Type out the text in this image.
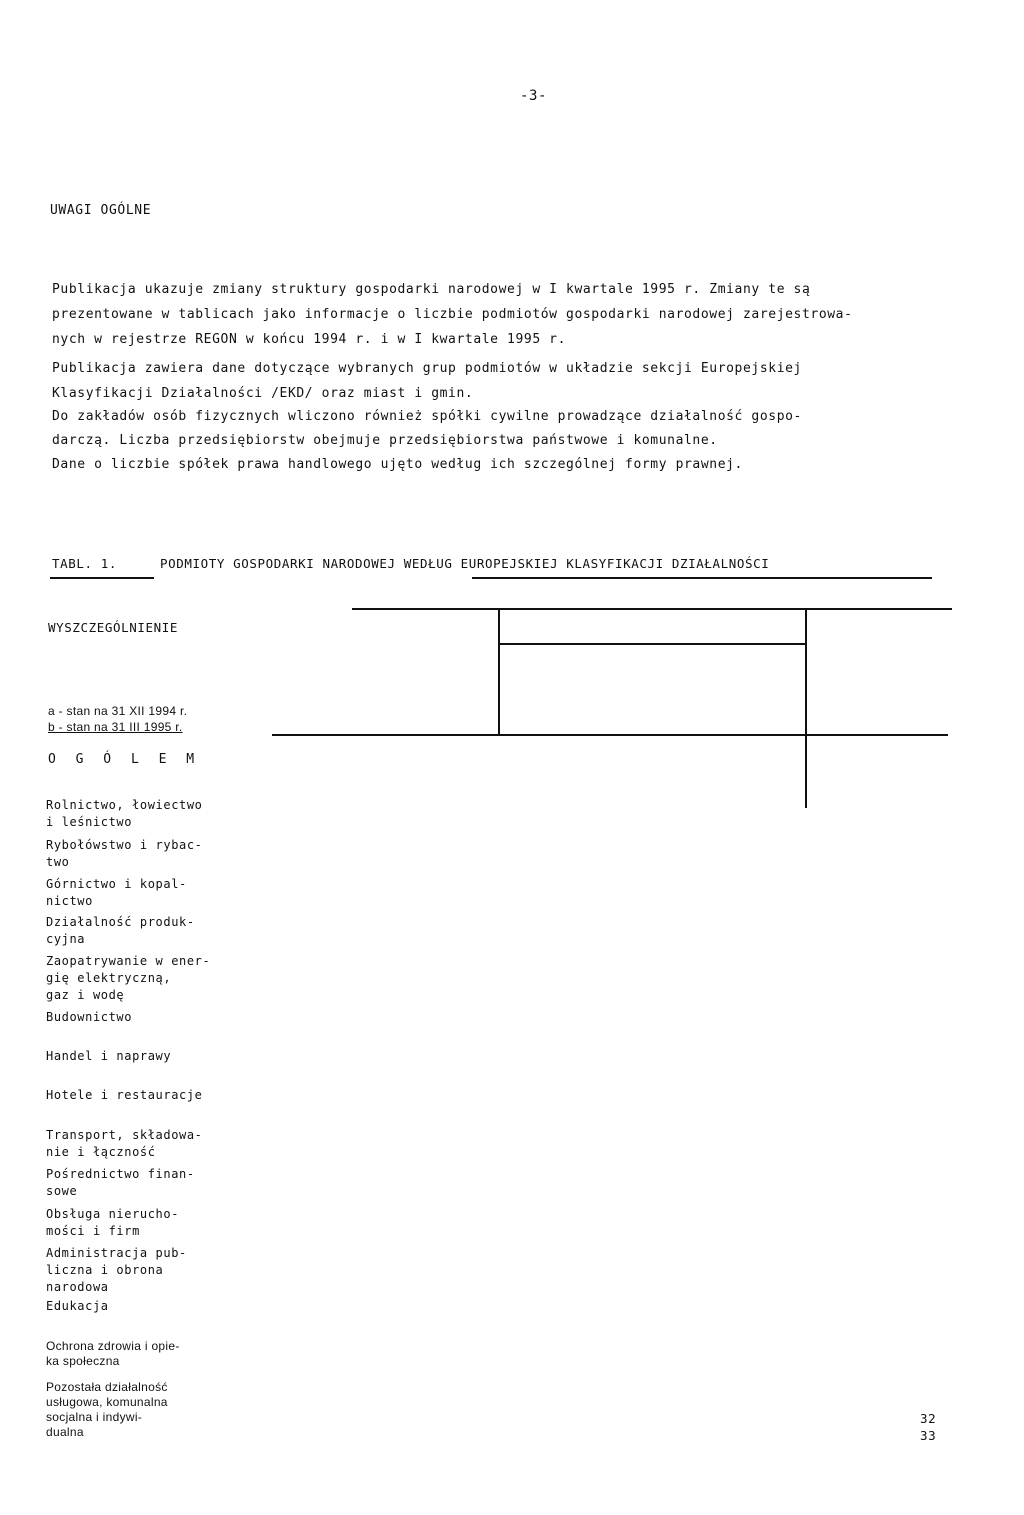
-3-
UWAGI OGÓLNE
Publikacja ukazuje zmiany struktury gospodarki narodowej w I kwartale 1995 r. Zmiany te są
prezentowane w tablicach jako informacje o liczbie podmiotów gospodarki narodowej zarejestrowa-
nych w rejestrze REGON w końcu 1994 r. i w I kwartale 1995 r.
Publikacja zawiera dane dotyczące wybranych grup podmiotów w układzie sekcji Europejskiej
Klasyfikacji Działalności /EKD/ oraz miast i gmin.
Do zakładów osób fizycznych wliczono również spółki cywilne prowadzące działalność gospo-
darczą. Liczba przedsiębiorstw obejmuje przedsiębiorstwa państwowe i komunalne.
Dane o liczbie spółek prawa handlowego ujęto według ich szczególnej formy prawnej.
TABL. 1.	PODMIOTY GOSPODARKI NARODOWEJ WEDŁUG EUROPEJSKIEJ KLASYFIKACJI DZIAŁALNOŚCI
WYSZCZEGÓLNIENIE
a - stan na 31 XII 1994 r.
b - stan na 31 III 1995 r.
O G Ó L E M
Rolnictwo, łowiectwo
i leśnictwo
Rybołówstwo i rybac-
two
Górnictwo i kopal-
nictwo
Działalność produk-
cyjna
Zaopatrywanie w ener-
gię elektryczną,
gaz i wodę
Budownictwo
Handel i naprawy
Hotele i restauracje
Transport, składowa-
nie i łączność
Pośrednictwo finan-
sowe
Obsługa nierucho-
mości i firm
Administracja pub-
liczna i obrona
narodowa
Edukacja
Ochrona zdrowia i opie-
ka społeczna
Pozostała działalność
usługowa, komunalna
socjalna i indywi-
dualna
32
33
